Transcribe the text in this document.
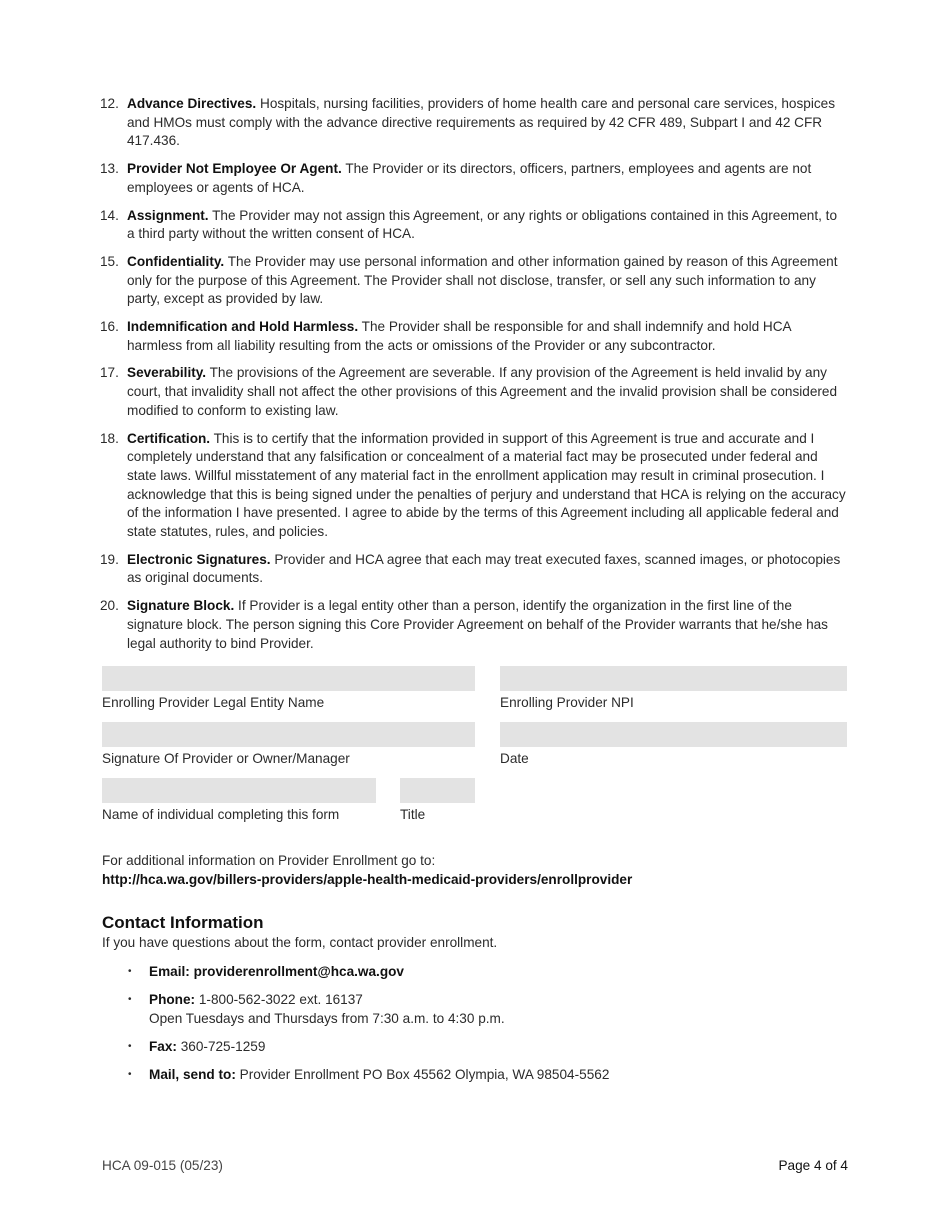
12. Advance Directives. Hospitals, nursing facilities, providers of home health care and personal care services, hospices and HMOs must comply with the advance directive requirements as required by 42 CFR 489, Subpart I and 42 CFR 417.436.
13. Provider Not Employee Or Agent. The Provider or its directors, officers, partners, employees and agents are not employees or agents of HCA.
14. Assignment. The Provider may not assign this Agreement, or any rights or obligations contained in this Agreement, to a third party without the written consent of HCA.
15. Confidentiality. The Provider may use personal information and other information gained by reason of this Agreement only for the purpose of this Agreement. The Provider shall not disclose, transfer, or sell any such information to any party, except as provided by law.
16. Indemnification and Hold Harmless. The Provider shall be responsible for and shall indemnify and hold HCA harmless from all liability resulting from the acts or omissions of the Provider or any subcontractor.
17. Severability. The provisions of the Agreement are severable. If any provision of the Agreement is held invalid by any court, that invalidity shall not affect the other provisions of this Agreement and the invalid provision shall be considered modified to conform to existing law.
18. Certification. This is to certify that the information provided in support of this Agreement is true and accurate and I completely understand that any falsification or concealment of a material fact may be prosecuted under federal and state laws. Willful misstatement of any material fact in the enrollment application may result in criminal prosecution. I acknowledge that this is being signed under the penalties of perjury and understand that HCA is relying on the accuracy of the information I have presented. I agree to abide by the terms of this Agreement including all applicable federal and state statutes, rules, and policies.
19. Electronic Signatures. Provider and HCA agree that each may treat executed faxes, scanned images, or photocopies as original documents.
20. Signature Block. If Provider is a legal entity other than a person, identify the organization in the first line of the signature block. The person signing this Core Provider Agreement on behalf of the Provider warrants that he/she has legal authority to bind Provider.
Enrolling Provider Legal Entity Name	Enrolling Provider NPI
Signature Of Provider or Owner/Manager	Date
Name of individual completing this form	Title
For additional information on Provider Enrollment go to:
http://hca.wa.gov/billers-providers/apple-health-medicaid-providers/enrollprovider
Contact Information
If you have questions about the form, contact provider enrollment.
•	Email: providerenrollment@hca.wa.gov
•	Phone: 1-800-562-3022 ext. 16137
Open Tuesdays and Thursdays from 7:30 a.m. to 4:30 p.m.
•	Fax: 360-725-1259
•	Mail, send to: Provider Enrollment PO Box 45562 Olympia, WA 98504-5562
HCA 09-015 (05/23)	Page 4 of 4
